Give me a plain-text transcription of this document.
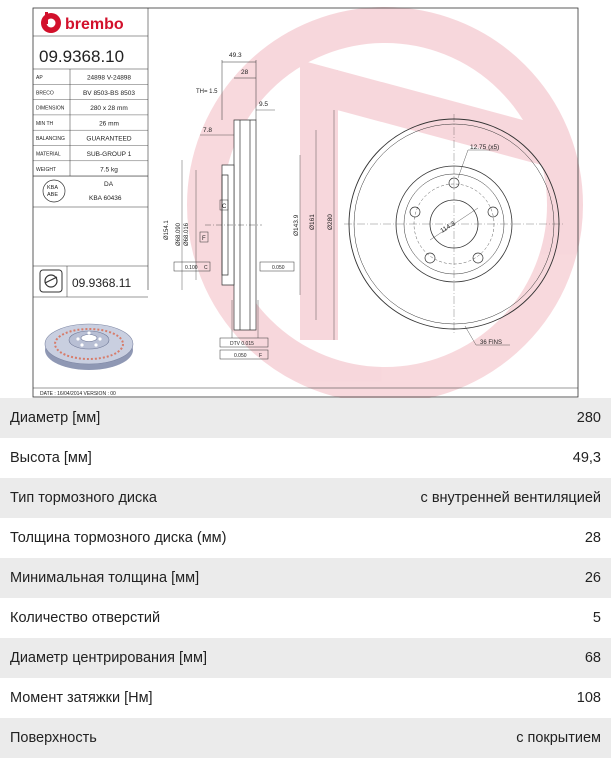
DATE : 16/04/2014 VERSION : 00
brembo
09.9368.10
AP	24898 V-24898
BRECO	BV 8503-BS 8503
DIMENSION	280 x 28 mm
MIN TH	26 mm
BALANCING	GUARANTEED
MATERIAL	SUB-GROUP 1
WEIGHT	7.5 kg
KBA
ABE
DA
KBA 60436
09.9368.11
49.3
28
TH= 1.5
9.5
7.8
Ø154.1 Ø68.090 Ø68.016	Ø143.9 Ø161 Ø280
C
F
0.100 C	0.050
DTV 0.015
0.050 F
12.75 (x5)
114.3
36 FINS
Диаметр [мм]	280
Высота [мм]	49,3
Тип тормозного диска	с внутренней вентиляцией
Толщина тормозного диска (мм)	28
Минимальная толщина [мм]	26
Количество отверстий	5
Диаметр центрирования [мм]	68
Момент затяжки [Нм]	108
Поверхность	с покрытием
